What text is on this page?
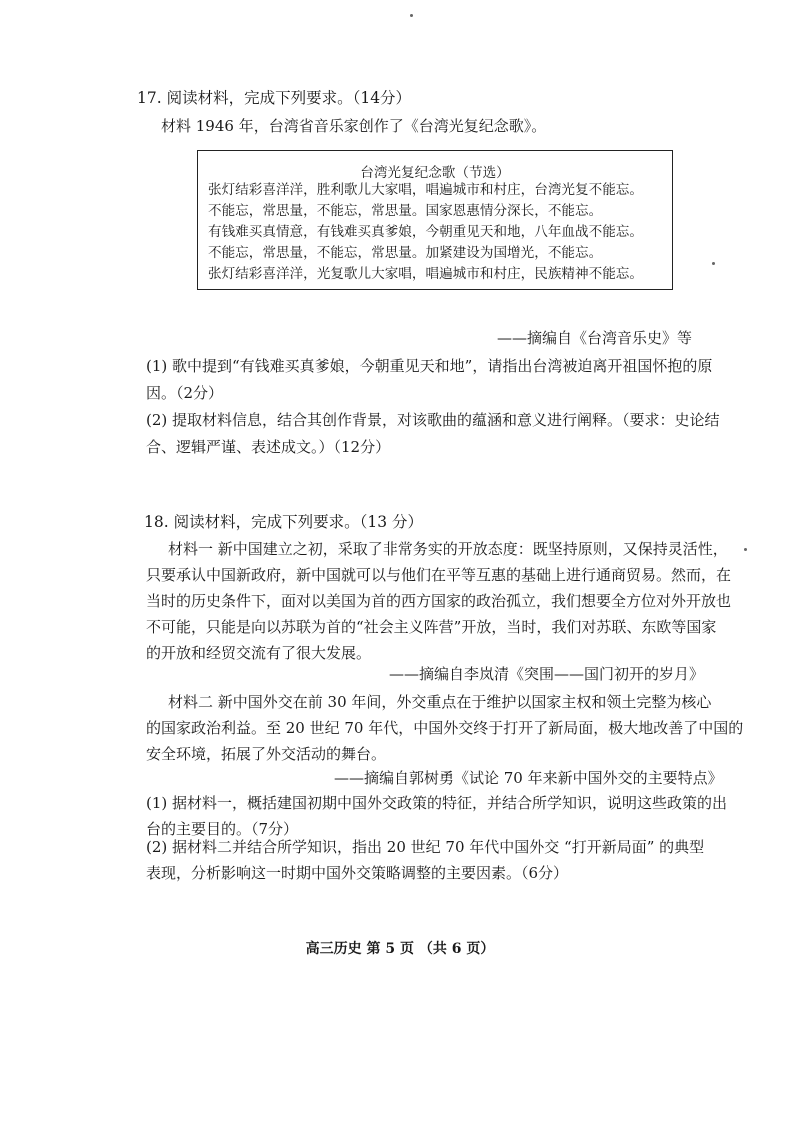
17. 阅读材料，完成下列要求。（14分）
材料 1946 年，台湾省音乐家创作了《台湾光复纪念歌》。
台湾光复纪念歌（节选）
张灯结彩喜洋洋，胜利歌儿大家唱，唱遍城市和村庄，台湾光复不能忘。
不能忘，常思量，不能忘，常思量。国家恩惠情分深长，不能忘。
有钱难买真情意，有钱难买真爹娘，今朝重见天和地，八年血战不能忘。
不能忘，常思量，不能忘，常思量。加紧建设为国增光，不能忘。
张灯结彩喜洋洋，光复歌儿大家唱，唱遍城市和村庄，民族精神不能忘。
——摘编自《台湾音乐史》等
(1) 歌中提到“有钱难买真爹娘，今朝重见天和地”，请指出台湾被迫离开祖国怀抱的原
因。（2分）
(2) 提取材料信息，结合其创作背景，对该歌曲的蕴涵和意义进行阐释。（要求：史论结
合、逻辑严谨、表述成文。）（12分）
18. 阅读材料，完成下列要求。（13 分）
材料一 新中国建立之初，采取了非常务实的开放态度：既坚持原则，又保持灵活性，
只要承认中国新政府，新中国就可以与他们在平等互惠的基础上进行通商贸易。然而，在
当时的历史条件下，面对以美国为首的西方国家的政治孤立，我们想要全方位对外开放也
不可能，只能是向以苏联为首的“社会主义阵营”开放，当时，我们对苏联、东欧等国家
的开放和经贸交流有了很大发展。
——摘编自李岚清《突围——国门初开的岁月》
材料二 新中国外交在前 30 年间，外交重点在于维护以国家主权和领土完整为核心
的国家政治利益。至 20 世纪 70 年代，中国外交终于打开了新局面，极大地改善了中国的
安全环境，拓展了外交活动的舞台。
——摘编自郭树勇《试论 70 年来新中国外交的主要特点》
(1) 据材料一，概括建国初期中国外交政策的特征，并结合所学知识，说明这些政策的出
台的主要目的。（7分）
(2) 据材料二并结合所学知识，指出 20 世纪 70 年代中国外交 “打开新局面” 的典型
表现，分析影响这一时期中国外交策略调整的主要因素。（6分）
高三历史 第 5 页 （共 6 页）
